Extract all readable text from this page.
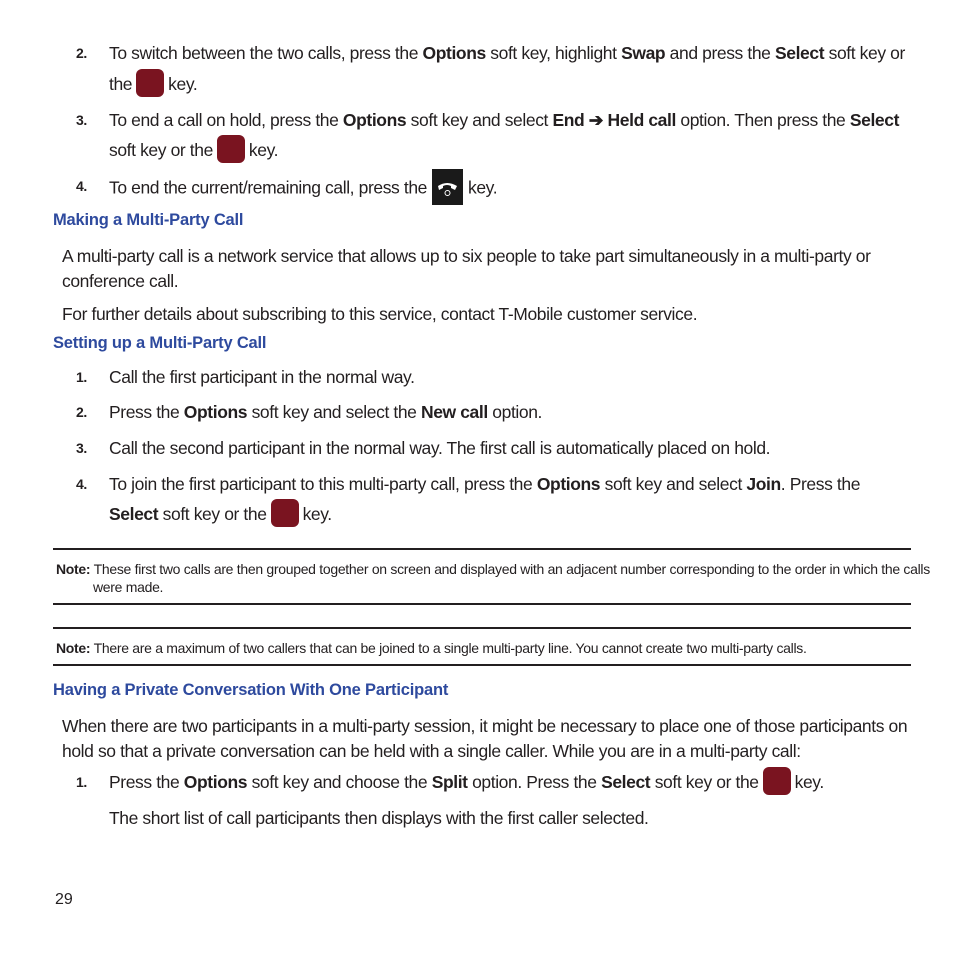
2. To switch between the two calls, press the Options soft key, highlight Swap and press the Select soft key or
the key.
3. To end a call on hold, press the Options soft key and select End ➔ Held call option. Then press the Select
soft key or the key.
4. To end the current/remaining call, press the key.
Making a Multi-Party Call
A multi-party call is a network service that allows up to six people to take part simultaneously in a multi-party or conference call.
For further details about subscribing to this service, contact T-Mobile customer service.
Setting up a Multi-Party Call
1. Call the first participant in the normal way.
2. Press the Options soft key and select the New call option.
3. Call the second participant in the normal way. The first call is automatically placed on hold.
4. To join the first participant to this multi-party call, press the Options soft key and select Join. Press the
Select soft key or the key.
Note: These first two calls are then grouped together on screen and displayed with an adjacent number corresponding to the order in which the calls were made.
Note: There are a maximum of two callers that can be joined to a single multi-party line. You cannot create two multi-party calls.
Having a Private Conversation With One Participant
When there are two participants in a multi-party session, it might be necessary to place one of those participants on hold so that a private conversation can be held with a single caller. While you are in a multi-party call:
1. Press the Options soft key and choose the Split option. Press the Select soft key or the key.
The short list of call participants then displays with the first caller selected.
29
